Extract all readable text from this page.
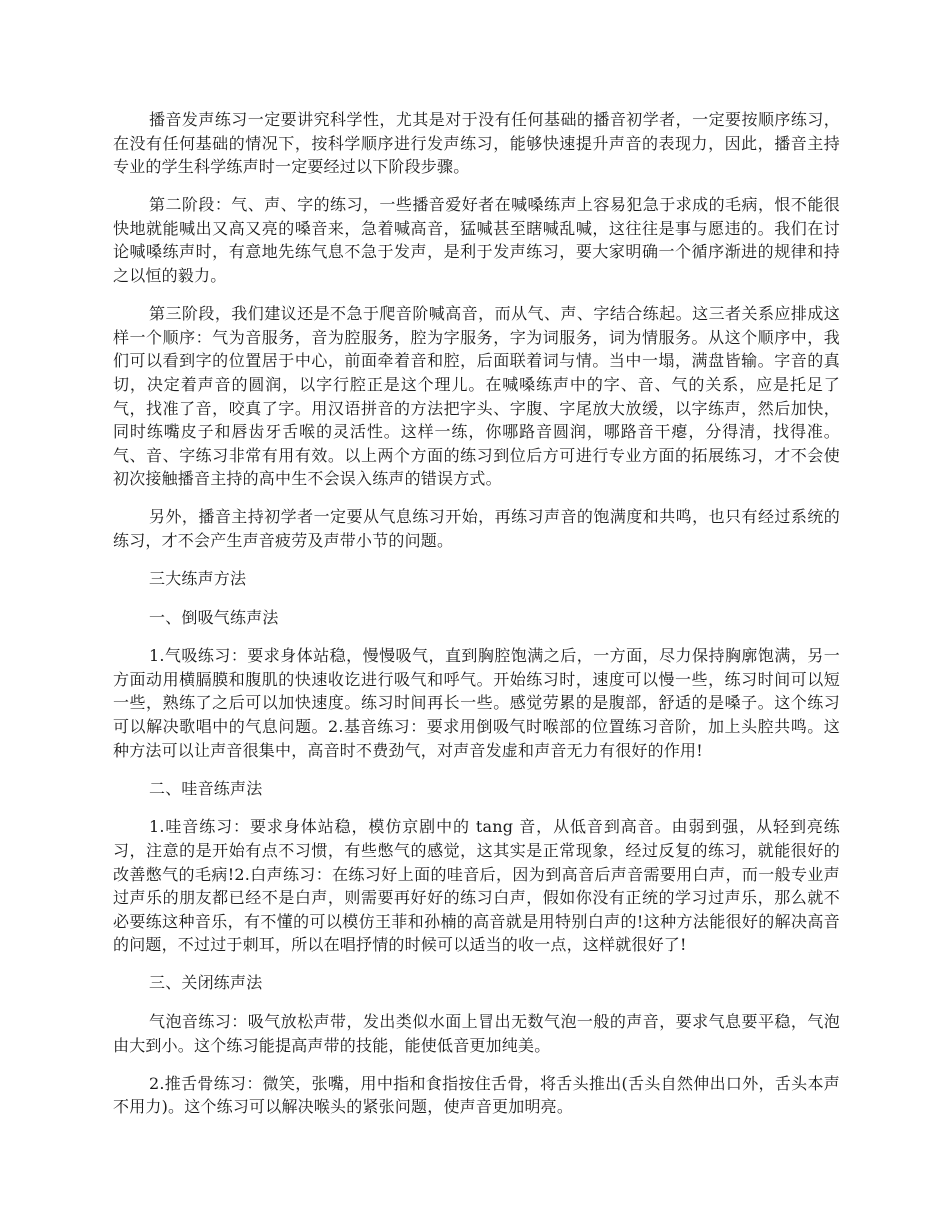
播音发声练习一定要讲究科学性，尤其是对于没有任何基础的播音初学者，一定要按顺序练习，在没有任何基础的情况下，按科学顺序进行发声练习，能够快速提升声音的表现力，因此，播音主持专业的学生科学练声时一定要经过以下阶段步骤。

第二阶段：气、声、字的练习，一些播音爱好者在喊嗓练声上容易犯急于求成的毛病，恨不能很快地就能喊出又高又亮的嗓音来，急着喊高音，猛喊甚至瞎喊乱喊，这往往是事与愿违的。我们在讨论喊嗓练声时，有意地先练气息不急于发声，是利于发声练习，要大家明确一个循序渐进的规律和持之以恒的毅力。

第三阶段，我们建议还是不急于爬音阶喊高音，而从气、声、字结合练起。这三者关系应排成这样一个顺序：气为音服务，音为腔服务，腔为字服务，字为词服务，词为情服务。从这个顺序中，我们可以看到字的位置居于中心，前面牵着音和腔，后面联着词与情。当中一塌，满盘皆输。字音的真切，决定着声音的圆润，以字行腔正是这个理儿。在喊嗓练声中的字、音、气的关系，应是托足了气，找准了音，咬真了字。用汉语拼音的方法把字头、字腹、字尾放大放缓，以字练声，然后加快，同时练嘴皮子和唇齿牙舌喉的灵活性。这样一练，你哪路音圆润，哪路音干瘪，分得清，找得准。气、音、字练习非常有用有效。以上两个方面的练习到位后方可进行专业方面的拓展练习，才不会使初次接触播音主持的高中生不会误入练声的错误方式。

另外，播音主持初学者一定要从气息练习开始，再练习声音的饱满度和共鸣，也只有经过系统的练习，才不会产生声音疲劳及声带小节的问题。

三大练声方法

一、倒吸气练声法

1.气吸练习：要求身体站稳，慢慢吸气，直到胸腔饱满之后，一方面，尽力保持胸廓饱满，另一方面动用横膈膜和腹肌的快速收讫进行吸气和呼气。开始练习时，速度可以慢一些，练习时间可以短一些，熟练了之后可以加快速度。练习时间再长一些。感觉劳累的是腹部，舒适的是嗓子。这个练习可以解决歌唱中的气息问题。2.基音练习：要求用倒吸气时喉部的位置练习音阶，加上头腔共鸣。这种方法可以让声音很集中，高音时不费劲气，对声音发虚和声音无力有很好的作用!

二、哇音练声法

1.哇音练习：要求身体站稳，模仿京剧中的 tang 音，从低音到高音。由弱到强，从轻到亮练习，注意的是开始有点不习惯，有些憋气的感觉，这其实是正常现象，经过反复的练习，就能很好的改善憋气的毛病!2.白声练习：在练习好上面的哇音后，因为到高音后声音需要用白声，而一般专业声过声乐的朋友都已经不是白声，则需要再好好的练习白声，假如你没有正统的学习过声乐，那么就不必要练这种音乐，有不懂的可以模仿王菲和孙楠的高音就是用特别白声的!这种方法能很好的解决高音的问题，不过过于刺耳，所以在唱抒情的时候可以适当的收一点，这样就很好了!

三、关闭练声法

气泡音练习：吸气放松声带，发出类似水面上冒出无数气泡一般的声音，要求气息要平稳，气泡由大到小。这个练习能提高声带的技能，能使低音更加纯美。

2.推舌骨练习：微笑，张嘴，用中指和食指按住舌骨，将舌头推出(舌头自然伸出口外，舌头本声不用力)。这个练习可以解决喉头的紧张问题，使声音更加明亮。
